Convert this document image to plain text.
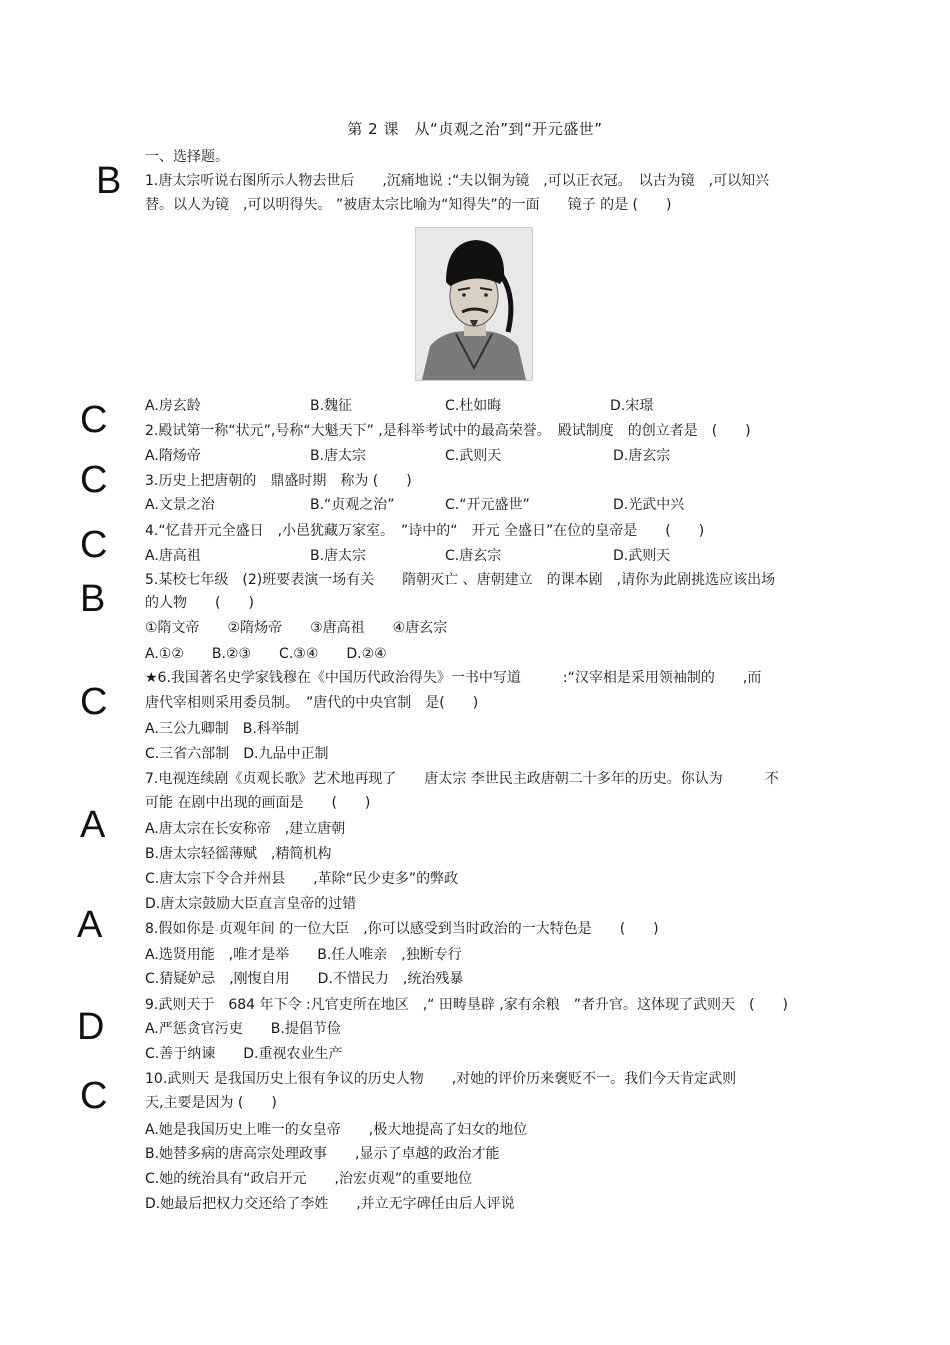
第 2 课　从“贞观之治”到“开元盛世”
一、选择题。
B
C
C
C
B
C
A
A
D
C
1.唐太宗听说右图所示人物去世后　　,沉痛地说 :“夫以铜为镜　,可以正衣冠。　以古为镜　,可以知兴
替。以人为镜　,可以明得失。 ”被唐太宗比喻为“知得失”的一面　　镜子 的是 (　　)
A.房玄龄	B.魏征	C.杜如晦	D.宋璟
2.殿试第一称“状元”,号称“大魁天下” ,是科举考试中的最高荣誉。　殿试制度　的创立者是　(　　)
A.隋炀帝	B.唐太宗	C.武则天	D.唐玄宗
3.历史上把唐朝的　鼎盛时期　称为 (　　)
A.文景之治	B.“贞观之治”	C.“开元盛世”	D.光武中兴
4.“忆昔开元全盛日　,小邑犹藏万家室。　”诗中的“　开元 全盛日”在位的皇帝是　　(　　)
A.唐高祖	B.唐太宗	C.唐玄宗	D.武则天
5.某校七年级　(2)班要表演一场有关　　隋朝灭亡 、唐朝建立　的课本剧　,请你为此剧挑选应该出场
的人物　　(　　)
①隋文帝　　②隋炀帝　　③唐高祖　　④唐玄宗
A.①②　　B.②③　　C.③④　　D.②④
★6.我国著名史学家钱穆在《中国历代政治得失》一书中写道　　　:“汉宰相是采用领袖制的　　,而
唐代宰相则采用委员制。　”唐代的中央官制　是(　　)
A.三公九卿制　B.科举制
C.三省六部制　D.九品中正制
7.电视连续剧《贞观长歌》艺术地再现了　　唐太宗 李世民主政唐朝二十多年的历史。你认为　　　不
可能 在剧中出现的画面是　　(　　)
A.唐太宗在长安称帝　,建立唐朝
B.唐太宗轻徭薄赋　,精简机构
C.唐太宗下令合并州县　　,革除“民少吏多”的弊政
D.唐太宗鼓励大臣直言皇帝的过错
8.假如你是 贞观年间 的一位大臣　,你可以感受到当时政治的一大特色是　　(　　)
A.选贤用能　,唯才是举　　B.任人唯亲　,独断专行
C.猜疑妒忌　,刚愎自用　　D.不惜民力　,统治残暴
9.武则天于　684 年下令 :凡官吏所在地区　,“ 田畴垦辟 ,家有余粮　”者升官。这体现了武则天　(　　)
A.严惩贪官污吏　　B.提倡节俭
C.善于纳谏　　D.重视农业生产
10.武则天 是我国历史上很有争议的历史人物　　,对她的评价历来褒贬不一。我们今天肯定武则
天,主要是因为 (　　)
A.她是我国历史上唯一的女皇帝　　,极大地提高了妇女的地位
B.她替多病的唐高宗处理政事　　,显示了卓越的政治才能
C.她的统治具有“政启开元　　,治宏贞观”的重要地位
D.她最后把权力交还给了李姓　　,并立无字碑任由后人评说
